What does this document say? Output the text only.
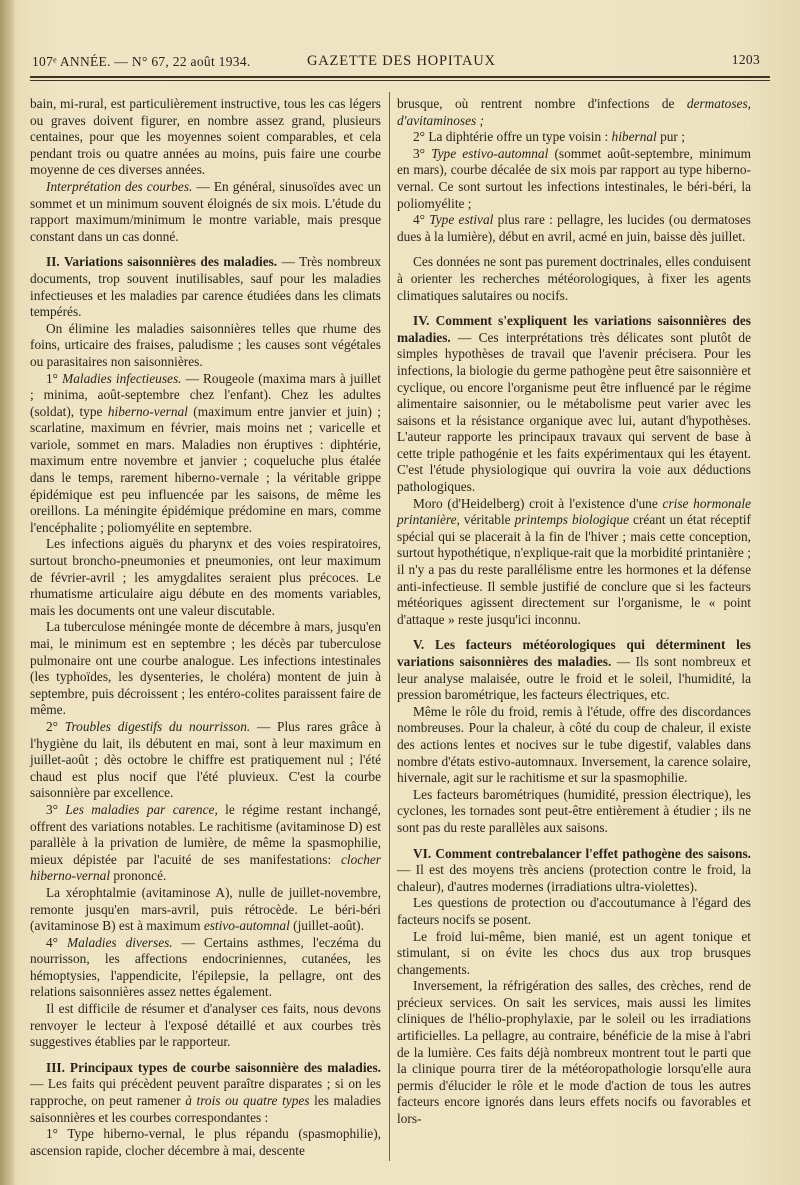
107ᵉ ANNÉE. — N° 67, 22 août 1934.	GAZETTE DES HOPITAUX	1203

bain, mi-rural, est particulièrement instructive, tous les cas légers ou graves doivent figurer, en nombre assez grand, plusieurs centaines, pour que les moyennes soient comparables, et cela pendant trois ou quatre années au moins, puis faire une courbe moyenne de ces diverses années.

Interprétation des courbes. — En général, sinusoïdes avec un sommet et un minimum souvent éloignés de six mois. L'étude du rapport maximum/minimum le montre variable, mais presque constant dans un cas donné.

II. Variations saisonnières des maladies. — Très nombreux documents, trop souvent inutilisables, sauf pour les maladies infectieuses et les maladies par carence étudiées dans les climats tempérés.

On élimine les maladies saisonnières telles que rhume des foins, urticaire des fraises, paludisme ; les causes sont végétales ou parasitaires non saisonnières.

1° Maladies infectieuses. — Rougeole (maxima mars à juillet ; minima, août-septembre chez l'enfant). Chez les adultes (soldat), type hiberno-vernal (maximum entre janvier et juin) ; scarlatine, maximum en février, mais moins net ; varicelle et variole, sommet en mars. Maladies non éruptives : diphtérie, maximum entre novembre et janvier ; coqueluche plus étalée dans le temps, rarement hiberno-vernale ; la véritable grippe épidémique est peu influencée par les saisons, de même les oreillons. La méningite épidémique prédomine en mars, comme l'encéphalite ; poliomyélite en septembre.

Les infections aiguës du pharynx et des voies respiratoires, surtout broncho-pneumonies et pneumonies, ont leur maximum de février-avril ; les amygdalites seraient plus précoces. Le rhumatisme articulaire aigu débute en des moments variables, mais les documents ont une valeur discutable.

La tuberculose méningée monte de décembre à mars, jusqu'en mai, le minimum est en septembre ; les décès par tuberculose pulmonaire ont une courbe analogue. Les infections intestinales (les typhoïdes, les dysenteries, le choléra) montent de juin à septembre, puis décroissent ; les entéro-colites paraissent faire de même.

2° Troubles digestifs du nourrisson. — Plus rares grâce à l'hygiène du lait, ils débutent en mai, sont à leur maximum en juillet-août ; dès octobre le chiffre est pratiquement nul ; l'été chaud est plus nocif que l'été pluvieux. C'est la courbe saisonnière par excellence.

3° Les maladies par carence, le régime restant inchangé, offrent des variations notables. Le rachitisme (avitaminose D) est parallèle à la privation de lumière, de même la spasmophilie, mieux dépistée par l'acuité de ses manifestations: clocher hiberno-vernal prononcé.

La xérophtalmie (avitaminose A), nulle de juillet-novembre, remonte jusqu'en mars-avril, puis rétrocède. Le béri-béri (avitaminose B) est à maximum estivo-automnal (juillet-août).

4° Maladies diverses. — Certains asthmes, l'eczéma du nourrisson, les affections endocriniennes, cutanées, les hémoptysies, l'appendicite, l'épilepsie, la pellagre, ont des relations saisonnières assez nettes également.

Il est difficile de résumer et d'analyser ces faits, nous devons renvoyer le lecteur à l'exposé détaillé et aux courbes très suggestives établies par le rapporteur.

III. Principaux types de courbe saisonnière des maladies. — Les faits qui précèdent peuvent paraître disparates ; si on les rapproche, on peut ramener à trois ou quatre types les maladies saisonnières et les courbes correspondantes :

1° Type hiberno-vernal, le plus répandu (spasmophilie), ascension rapide, clocher décembre à mai, descente

brusque, où rentrent nombre d'infections de dermatoses, d'avitaminoses ;

2° La diphtérie offre un type voisin : hibernal pur ;

3° Type estivo-automnal (sommet août-septembre, minimum en mars), courbe décalée de six mois par rapport au type hiberno-vernal. Ce sont surtout les infections intestinales, le béri-béri, la poliomyélite ;

4° Type estival plus rare : pellagre, les lucides (ou dermatoses dues à la lumière), début en avril, acmé en juin, baisse dès juillet.

Ces données ne sont pas purement doctrinales, elles conduisent à orienter les recherches météorologiques, à fixer les agents climatiques salutaires ou nocifs.

IV. Comment s'expliquent les variations saisonnières des maladies. — Ces interprétations très délicates sont plutôt de simples hypothèses de travail que l'avenir précisera. Pour les infections, la biologie du germe pathogène peut être saisonnière et cyclique, ou encore l'organisme peut être influencé par le régime alimentaire saisonnier, ou le métabolisme peut varier avec les saisons et la résistance organique avec lui, autant d'hypothèses. L'auteur rapporte les principaux travaux qui servent de base à cette triple pathogénie et les faits expérimentaux qui les étayent. C'est l'étude physiologique qui ouvrira la voie aux déductions pathologiques.

Moro (d'Heidelberg) croit à l'existence d'une crise hormonale printanière, véritable printemps biologique créant un état réceptif spécial qui se placerait à la fin de l'hiver ; mais cette conception, surtout hypothétique, n'explique-rait que la morbidité printanière ; il n'y a pas du reste parallélisme entre les hormones et la défense anti-infectieuse. Il semble justifié de conclure que si les facteurs météoriques agissent directement sur l'organisme, le « point d'attaque » reste jusqu'ici inconnu.

V. Les facteurs météorologiques qui déterminent les variations saisonnières des maladies. — Ils sont nombreux et leur analyse malaisée, outre le froid et le soleil, l'humidité, la pression barométrique, les facteurs électriques, etc.

Même le rôle du froid, remis à l'étude, offre des discordances nombreuses. Pour la chaleur, à côté du coup de chaleur, il existe des actions lentes et nocives sur le tube digestif, valables dans nombre d'états estivo-automnaux. Inversement, la carence solaire, hivernale, agit sur le rachitisme et sur la spasmophilie.

Les facteurs barométriques (humidité, pression électrique), les cyclones, les tornades sont peut-être entièrement à étudier ; ils ne sont pas du reste parallèles aux saisons.

VI. Comment contrebalancer l'effet pathogène des saisons. — Il est des moyens très anciens (protection contre le froid, la chaleur), d'autres modernes (irradiations ultra-violettes).

Les questions de protection ou d'accoutumance à l'égard des facteurs nocifs se posent.

Le froid lui-même, bien manié, est un agent tonique et stimulant, si on évite les chocs dus aux trop brusques changements.

Inversement, la réfrigération des salles, des crèches, rend de précieux services. On sait les services, mais aussi les limites cliniques de l'hélio-prophylaxie, par le soleil ou les irradiations artificielles. La pellagre, au contraire, bénéficie de la mise à l'abri de la lumière. Ces faits déjà nombreux montrent tout le parti que la clinique pourra tirer de la météoropathologie lorsqu'elle aura permis d'élucider le rôle et le mode d'action de tous les autres facteurs encore ignorés dans leurs effets nocifs ou favorables et lors-
